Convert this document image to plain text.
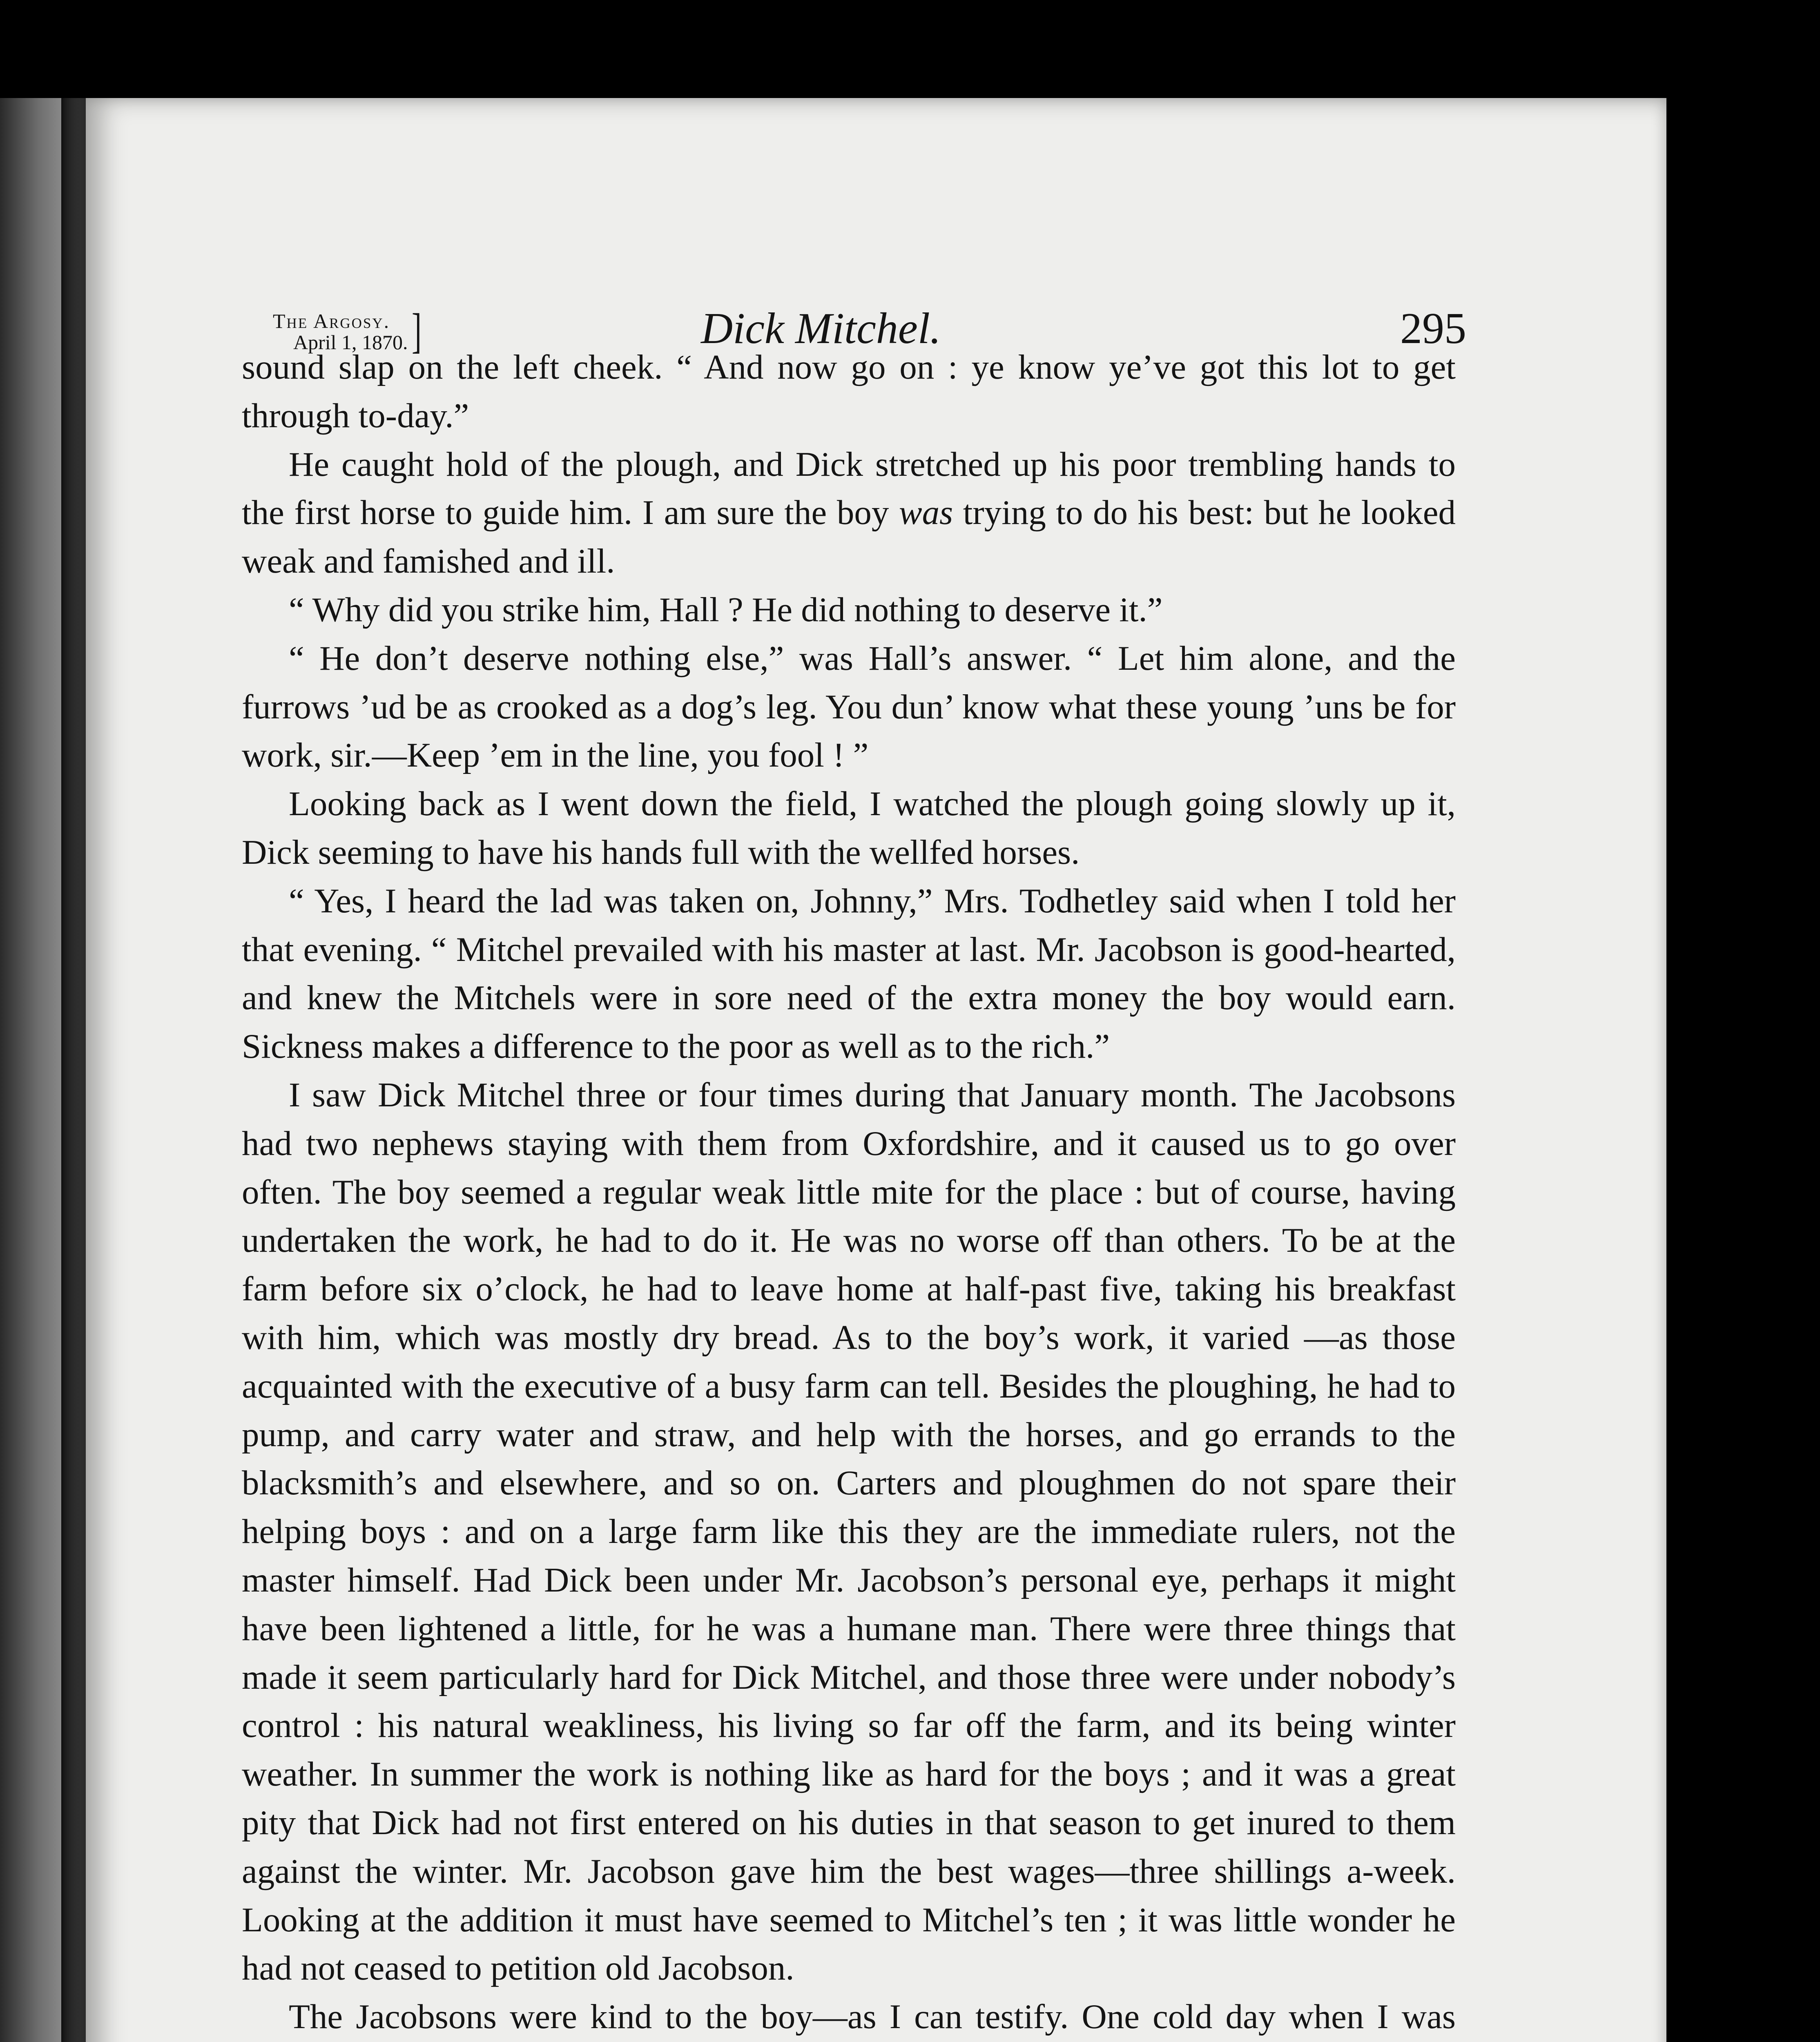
The Argosy.
April 1, 1870. ]	Dick Mitchel.	295

sound slap on the left cheek. “ And now go on : ye know ye’ve got this lot to get through to-day.”

He caught hold of the plough, and Dick stretched up his poor trembling hands to the first horse to guide him. I am sure the boy was trying to do his best: but he looked weak and famished and ill.

“ Why did you strike him, Hall ? He did nothing to deserve it.”

“ He don’t deserve nothing else,” was Hall’s answer. “ Let him alone, and the furrows ’ud be as crooked as a dog’s leg. You dun’ know what these young ’uns be for work, sir.—Keep ’em in the line, you fool ! ”

Looking back as I went down the field, I watched the plough going slowly up it, Dick seeming to have his hands full with the wellfed horses.

“ Yes, I heard the lad was taken on, Johnny,” Mrs. Todhetley said when I told her that evening. “ Mitchel prevailed with his master at last. Mr. Jacobson is good-hearted, and knew the Mitchels were in sore need of the extra money the boy would earn. Sickness makes a difference to the poor as well as to the rich.”

I saw Dick Mitchel three or four times during that January month. The Jacobsons had two nephews staying with them from Oxfordshire, and it caused us to go over often. The boy seemed a regular weak little mite for the place : but of course, having undertaken the work, he had to do it. He was no worse off than others. To be at the farm before six o’clock, he had to leave home at half-past five, taking his breakfast with him, which was mostly dry bread. As to the boy’s work, it varied —as those acquainted with the executive of a busy farm can tell. Besides the ploughing, he had to pump, and carry water and straw, and help with the horses, and go errands to the blacksmith’s and elsewhere, and so on. Carters and ploughmen do not spare their helping boys : and on a large farm like this they are the immediate rulers, not the master himself. Had Dick been under Mr. Jacobson’s personal eye, perhaps it might have been lightened a little, for he was a humane man. There were three things that made it seem particularly hard for Dick Mitchel, and those three were under nobody’s control : his natural weakliness, his living so far off the farm, and its being winter weather. In summer the work is nothing like as hard for the boys ; and it was a great pity that Dick had not first entered on his duties in that season to get inured to them against the winter. Mr. Jacobson gave him the best wages—three shillings a-week. Looking at the addition it must have seemed to Mitchel’s ten ; it was little wonder he had not ceased to petition old Jacobson.

The Jacobsons were kind to the boy—as I can testify. One cold day when I was
